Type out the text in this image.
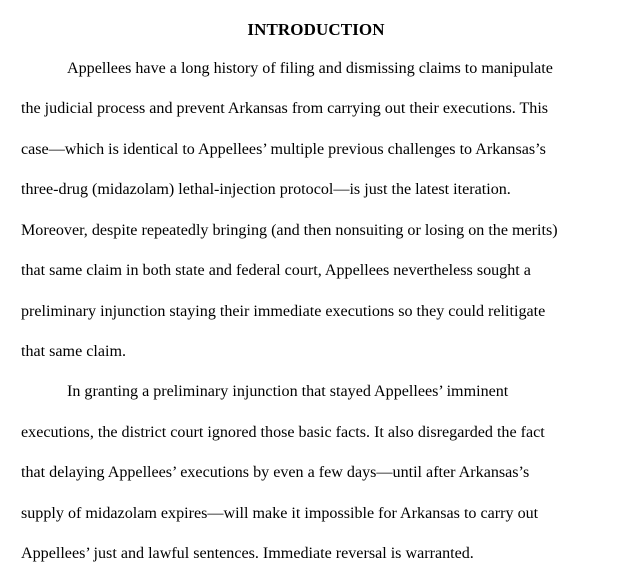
INTRODUCTION
Appellees have a long history of filing and dismissing claims to manipulate
the judicial process and prevent Arkansas from carrying out their executions. This
case—which is identical to Appellees’ multiple previous challenges to Arkansas’s
three-drug (midazolam) lethal-injection protocol—is just the latest iteration.
Moreover, despite repeatedly bringing (and then nonsuiting or losing on the merits)
that same claim in both state and federal court, Appellees nevertheless sought a
preliminary injunction staying their immediate executions so they could relitigate
that same claim.
In granting a preliminary injunction that stayed Appellees’ imminent
executions, the district court ignored those basic facts. It also disregarded the fact
that delaying Appellees’ executions by even a few days—until after Arkansas’s
supply of midazolam expires—will make it impossible for Arkansas to carry out
Appellees’ just and lawful sentences. Immediate reversal is warranted.
